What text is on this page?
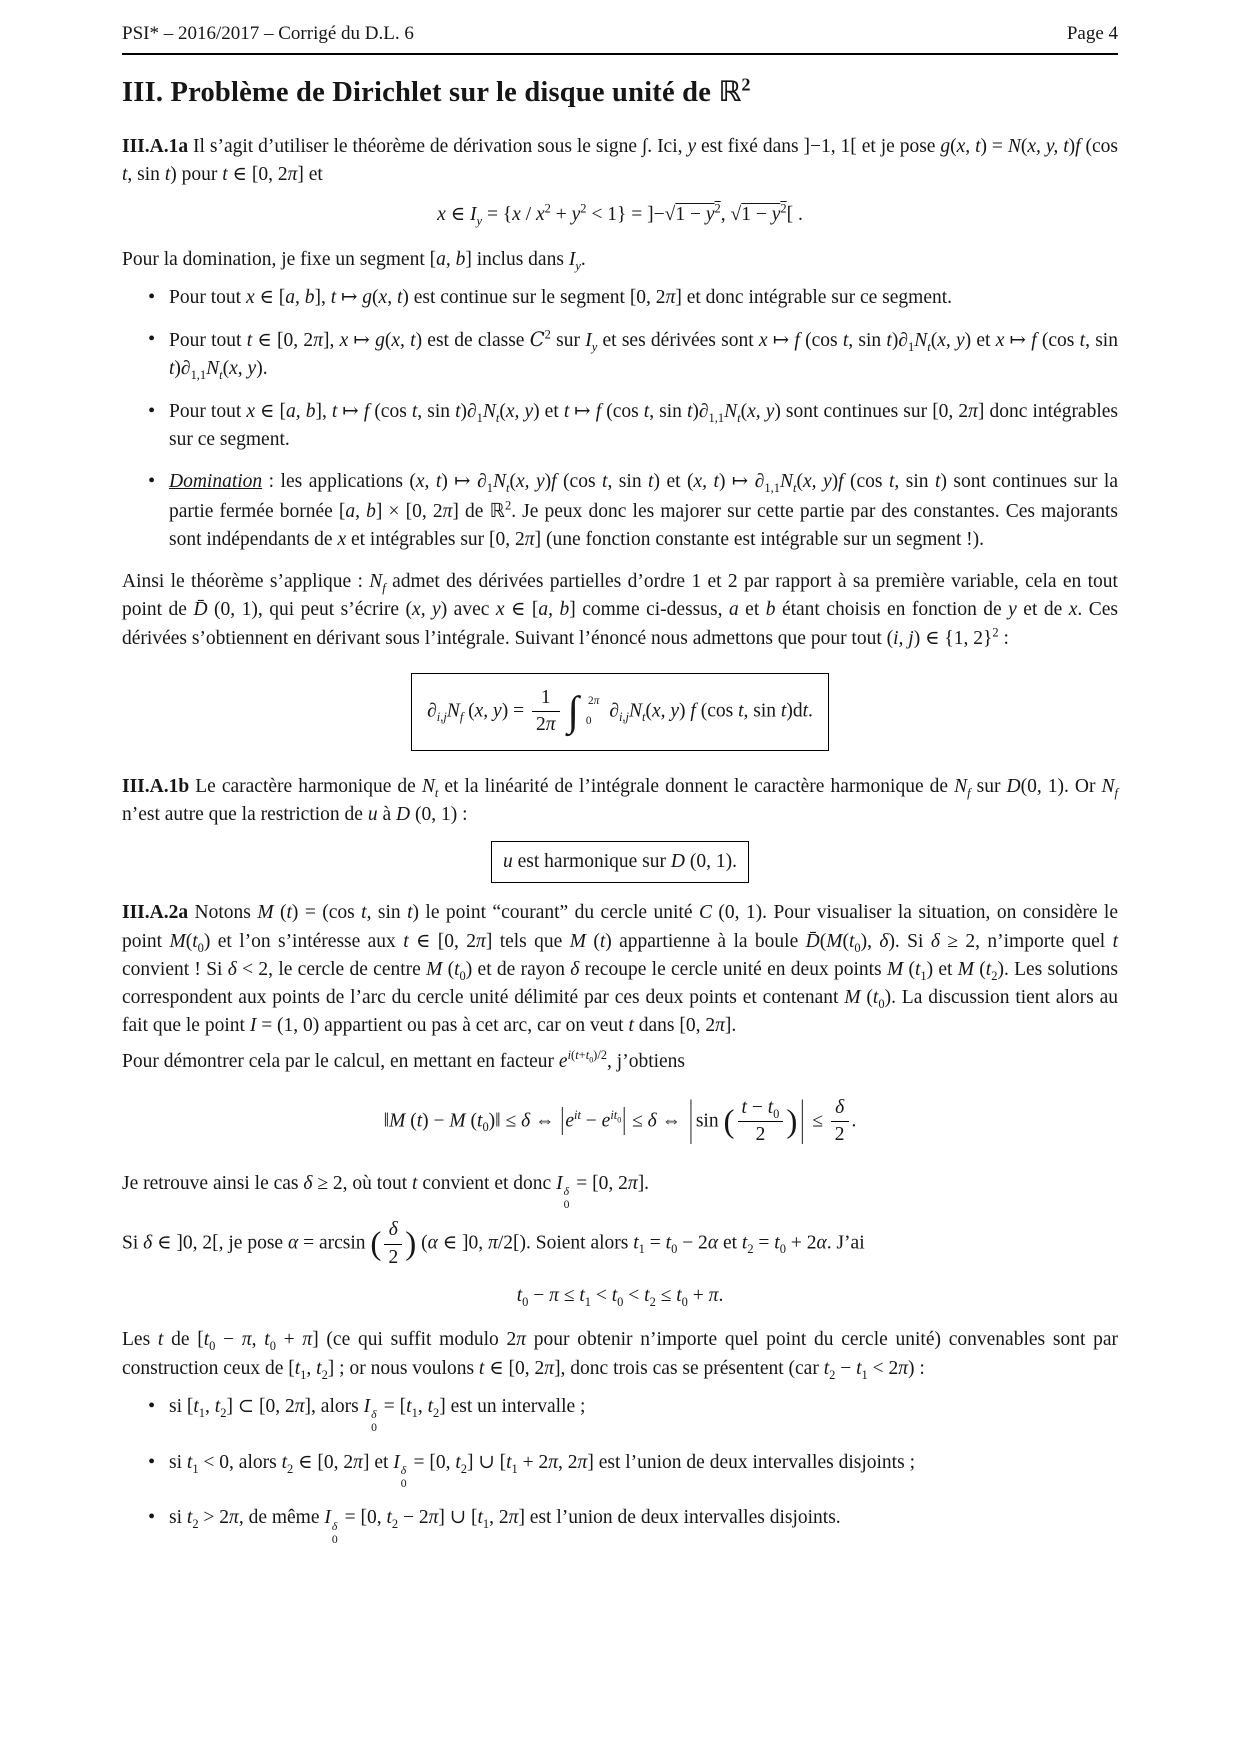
PSI* – 2016/2017 – Corrigé du D.L. 6	Page 4
III. Problème de Dirichlet sur le disque unité de ℝ$^2$

III.A.1a Il s’agit d’utiliser le théorème de dérivation sous le signe ∫. Ici, y est fixé dans ]−1, 1[ et je pose g(x, t) = N(x, y, t)f (cos t, sin t) pour t ∈ [0, 2π] et

x ∈ $I_y = \{x / x^2 + y^2 < 1\} = ]-√1 - y^2$, $√1 - y^2$[ .

Pour la domination, je fixe un segment [a, b] inclus dans $I_y$.

• Pour tout x ∈ [a, b], t ↦ g(x, t) est continue sur le segment [0, 2π] et donc intégrable sur ce segment.
• Pour tout t ∈ [0, 2π], x ↦ g(x, t) est de classe $C^2$ sur $I_y$ et ses dérivées sont x ↦ f (cos t, $\sin t)\partial_1N_t(x$, y) et x ↦ f (cos t, $\sin t)\partial_{1,1}N_t(x$, y).
• Pour tout x ∈ [a, b], t ↦ f (cos t, $\sin t)\partial_1N_t(x$, y) et t ↦ f (cos t, $\sin t)\partial_{1,1}N_t(x$, y) sont continues sur [0, 2π] donc intégrables sur ce segment.
• Domination : les applications (x, t) ↦ $\partial_1N_t(x$, y)f (cos t, sin t) et (x, t) ↦ $\partial_{1,1}N_t(x$, y)f (cos t, sin t) sont continues sur la partie fermée bornée [a, b] × [0, 2π] de ℝ$^2$. Je peux donc les majorer sur cette partie par des constantes. Ces majorants sont indépendants de x et intégrables sur [0, 2π] (une fonction constante est intégrable sur un segment !).

Ainsi le théorème s’applique : $N_f$ admet des dérivées partielles d’ordre 1 et 2 par rapport à sa première variable, cela en tout point de D̄ (0, 1), qui peut s’écrire (x, y) avec x ∈ [a, b] comme ci-dessus, a et b étant choisis en fonction de y et de x. Ces dérivées s’obtiennent en dérivant sous l’intégrale. Suivant l’énoncé nous admettons que pour tout (i, j) ∈ {1, 2}$^2$ :

$\partial_{i,j}N_f$ (x, $y) = \frac{1}{2\pi}$ ∫ 2π
0 $\partial_{i,j}N_t(x$, y) f (cos t, sin t)dt.

III.A.1b Le caractère harmonique de $N_t$ et la linéarité de l’intégrale donnent le caractère harmonique de $N_f$ sur D(0, 1). Or $N_f$ n’est autre que la restriction de u à D (0, 1) :

u est harmonique sur D (0, 1).

III.A.2a Notons M (t) = (cos t, sin t) le point “courant” du cercle unité C (0, 1). Pour visualiser la situation, on considère le point $M(t_0)$ et l’on s’intéresse aux t ∈ [0, 2π] tels que M (t) appartienne à la boule $D̄(M(t_0)$, δ). Si δ ≥ 2, n’importe quel t convient ! Si δ < 2, le cercle de centre M $(t_0)$ et de rayon δ recoupe le cercle unité en deux points M $(t_1)$ et M $(t_2)$. Les solutions correspondent aux points de l’arc du cercle unité délimité par ces deux points et contenant M $(t_0)$. La discussion tient alors au fait que le point I = (1, 0) appartient ou pas à cet arc, car on veut t dans [0, 2π].

Pour démontrer cela par le calcul, en mettant en facteur $e^{i(t+t_0)/2}$, j’obtiens

‖M (t) − M $(t_0)‖ \le \delta$ ⇔ $|e^{it} - e^{it_0}| \le \delta$ ⇔ | sin ( $\frac{t - t_0}{2}$ ) | ≤ $\frac{\delta}{2}$ .

Je retrouve ainsi le cas δ ≥ 2, où tout t convient et donc I δ
0
= [0, 2π].

Si δ ∈ ]0, 2[, je pose α = arcsin ( $\frac{\delta}{2}$ ) (α ∈ ]0, π/2[). Soient alors $t_1 = t_0 - 2\alpha$ et $t_2 = t_0 + 2\alpha$. J’ai

$t_0 - \pi \le t_1 < t_0 < t_2 \le t_0 + \pi$.

Les t de [$t_0 - \pi$, $t_0 + \pi$] (ce qui suffit modulo 2π pour obtenir n’importe quel point du cercle unité) convenables sont par construction ceux de [$t_1$, $t_2$] ; or nous voulons t ∈ [0, 2π], donc trois cas se présentent (car $t_2 - t_1 < 2\pi$) :

• si [$t_1$, $t_2$] ⊂ [0, 2π], alors I δ
0
= [$t_1$, $t_2$] est un intervalle ;
• si $t_1 < 0$, alors $t_2$ ∈ [0, 2π] et I δ
0
= [0, $t_2$] ∪ [$t_1 + 2\pi$, 2π] est l’union de deux intervalles disjoints ;
• si $t_2 > 2\pi$, de même I δ
0
= [0, $t_2 - 2\pi$] ∪ [$t_1$, 2π] est l’union de deux intervalles disjoints.
